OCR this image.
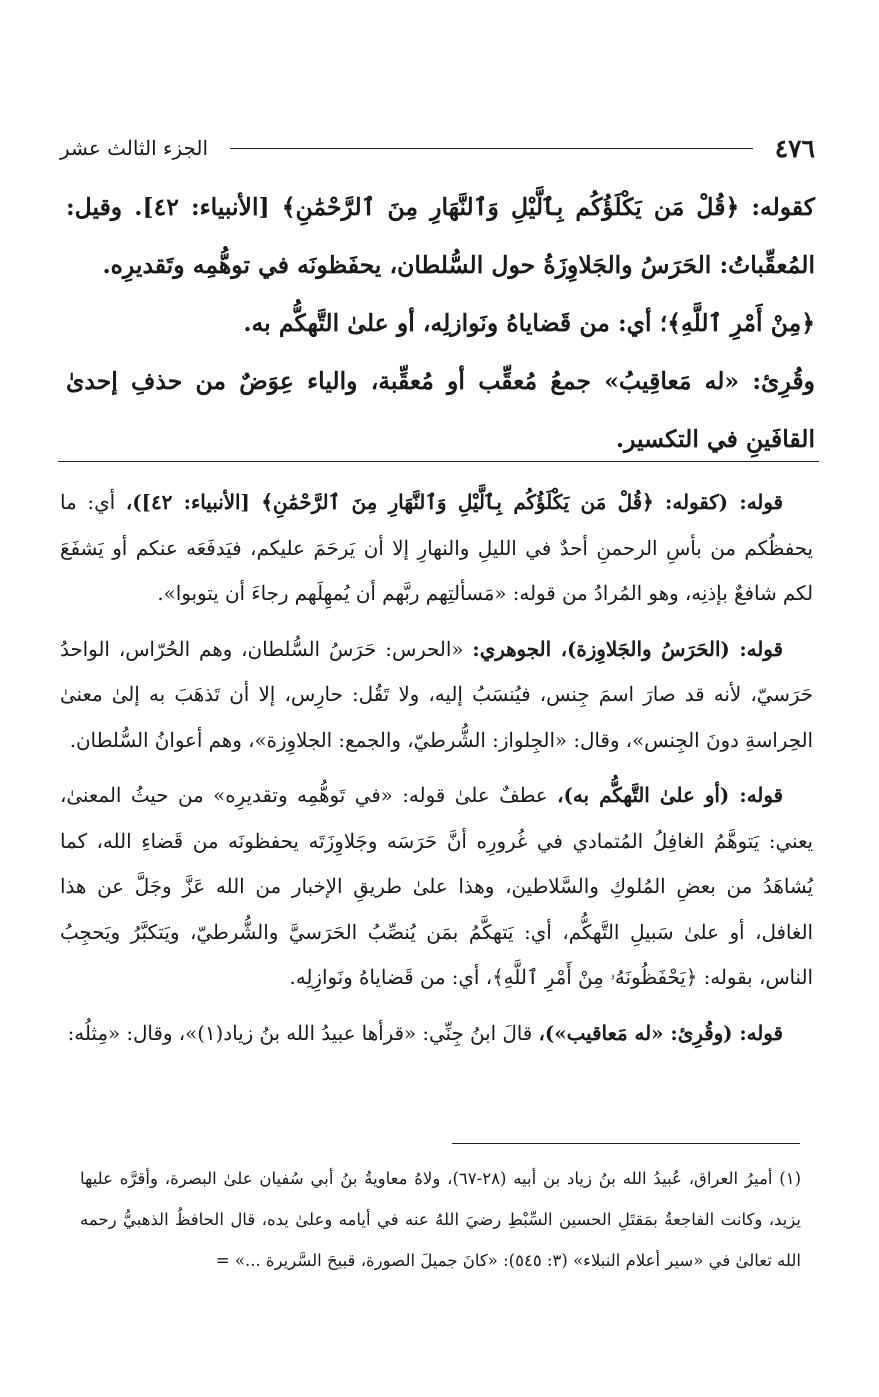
٤٧٦
الجزء الثالث عشر

كقوله: ﴿قُلْ مَن يَكْلَؤُكُم بِٱلَّيْلِ وَٱلنَّهَارِ مِنَ ٱلرَّحْمَٰنِ﴾ [الأنبياء: ٤٢]. وقيل: المُعقِّباتُ: الحَرَسُ والجَلاوِزَةُ حول السُّلطان، يحفَظونَه في توهُّمِه وتَقديرِه.

﴿مِنْ أَمْرِ ٱللَّهِ﴾؛ أي: من قَضاياهُ ونَوازلِه، أو علىٰ التَّهكُّم به.

وقُرِئ: «له مَعاقِيبُ» جمعُ مُعقِّب أو مُعقِّبة، والياء عِوَضٌ من حذفِ إحدىٰ القافَينِ في التكسير.

قوله: (كقوله: ﴿قُلْ مَن يَكْلَؤُكُم بِٱلَّيْلِ وَٱلنَّهَارِ مِنَ ٱلرَّحْمَٰنِ﴾ [الأنبياء: ٤٢])، أي: ما يحفظُكم من بأسِ الرحمنِ أحدٌ في الليلِ والنهارِ إلا أن يَرحَمَ عليكم، فيَدفَعَه عنكم أو يَشفَعَ لكم شافعٌ بإذنِه، وهو المُرادُ من قوله: «مَسألتِهم ربَّهم أن يُمهِلَهم رجاءَ أن يتوبوا».

قوله: (الحَرَسُ والجَلاوِزة)، الجوهري: «الحرس: حَرَسُ السُّلطان، وهم الحُرّاس، الواحدُ حَرَسيّ، لأنه قد صارَ اسمَ جِنس، فيُنسَبُ إليه، ولا تَقُل: حارِس، إلا أن تَذهَبَ به إلىٰ معنىٰ الحِراسةِ دونَ الجِنس»، وقال: «الجِلواز: الشُّرطيّ، والجمع: الجلاوِزة»، وهم أعوانُ السُّلطان.

قوله: (أو علىٰ التَّهكُّم به)، عطفٌ علىٰ قوله: «في تَوهُّمِه وتقديرِه» من حيثُ المعنىٰ، يعني: يَتوهَّمُ الغافِلُ المُتمادي في غُرورِه أنَّ حَرَسَه وجَلاوِزَتَه يحفظونَه من قَضاءِ الله، كما يُشاهَدُ من بعضِ المُلوكِ والسَّلاطين، وهذا علىٰ طريقِ الإخبار من الله عَزَّ وجَلَّ عن هذا الغافل، أو علىٰ سَبيلِ التَّهكُّم، أي: يَتهكَّمُ بمَن يُنصِّبُ الحَرَسيَّ والشُّرطيّ، ويَتكبَّرُ ويَحجِبُ الناس، بقوله: ﴿يَحْفَظُونَهُۥ مِنْ أَمْرِ ٱللَّهِ﴾، أي: من قَضاياهُ ونَوازِلِه.

قوله: (وقُرِئ: «له مَعاقيب»)، قالَ ابنُ جِنِّي: «قرأها عبيدُ الله بنُ زياد(١)»، وقال: «مِثلُه:

(١) أميرُ العراق، عُبيدُ الله بنُ زياد بن أبيه (٢٨-٦٧)، ولاهُ معاويةُ بنُ أبي سُفيان علىٰ البصرة، وأقرَّه عليها يزيد، وكانت الفاجعةُ بمَقتَلِ الحسين السِّبْطِ رضيَ اللهُ عنه في أيامه وعلىٰ يده، قال الحافظُ الذهبيُّ رحمه الله تعالىٰ في «سير أعلام النبلاء» (٣: ٥٤٥): «كانَ جميلَ الصورة، قبيحَ السَّريرة ...» =
